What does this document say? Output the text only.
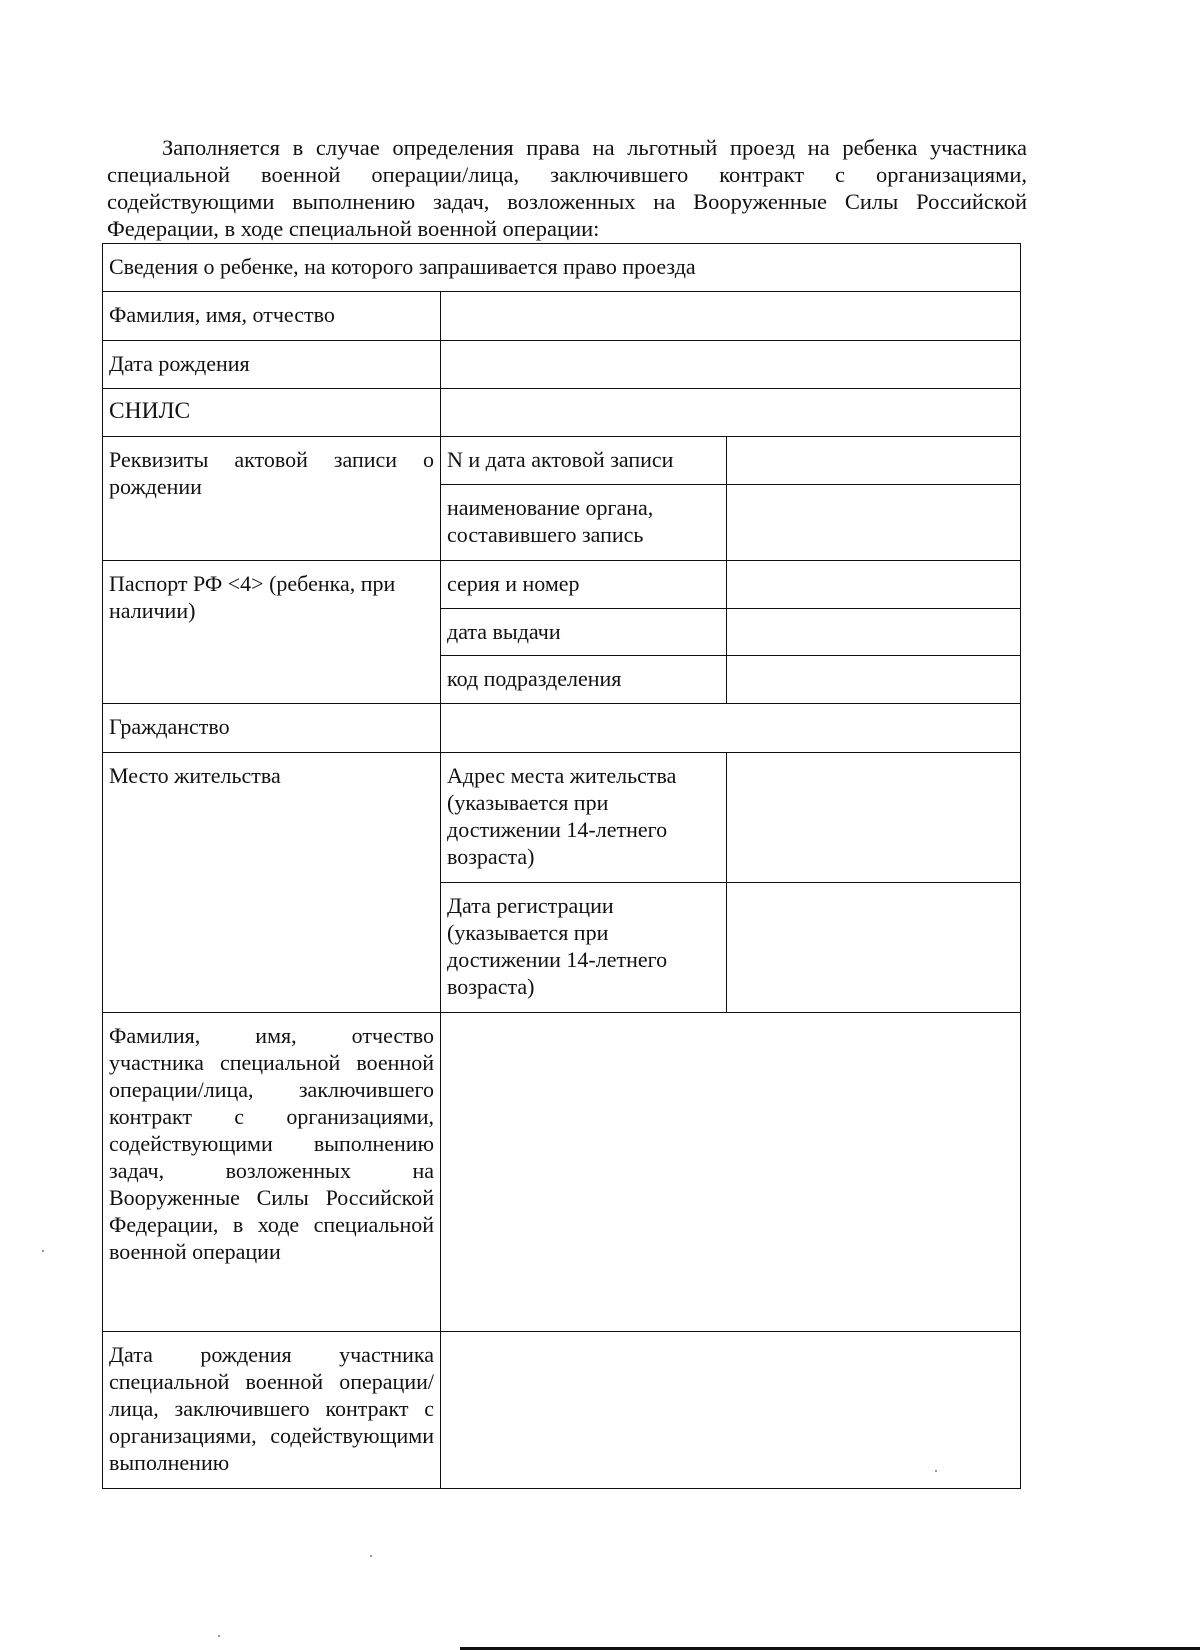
Заполняется в случае определения права на льготный проезд на ребенка участника специальной военной операции/лица, заключившего контракт с организациями, содействующими выполнению задач, возложенных на Вооруженные Силы Российской Федерации, в ходе специальной военной операции:

Сведения о ребенке, на которого запрашивается право проезда		
Фамилия, имя, отчество		
Дата рождения		
СНИЛС		
Реквизиты актовой записи о рождении	N и дата актовой записи	
	наименование органа, составившего запись	
Паспорт РФ <4> (ребенка, при наличии)	серия и номер	
	дата выдачи	
	код подразделения	
Гражданство		
Место жительства	Адрес места жительства (указывается при достижении 14-летнего возраста)	
	Дата регистрации (указывается при достижении 14-летнего возраста)	
Фамилия, имя, отчество участника специальной военной операции/лица, заключившего контракт с организациями, содействующими выполнению задач, возложенных на Вооруженные Силы Российской Федерации, в ходе специальной военной операции		
Дата рождения участника специальной военной операции/лица, заключившего контракт с организациями, содействующими выполнению		
